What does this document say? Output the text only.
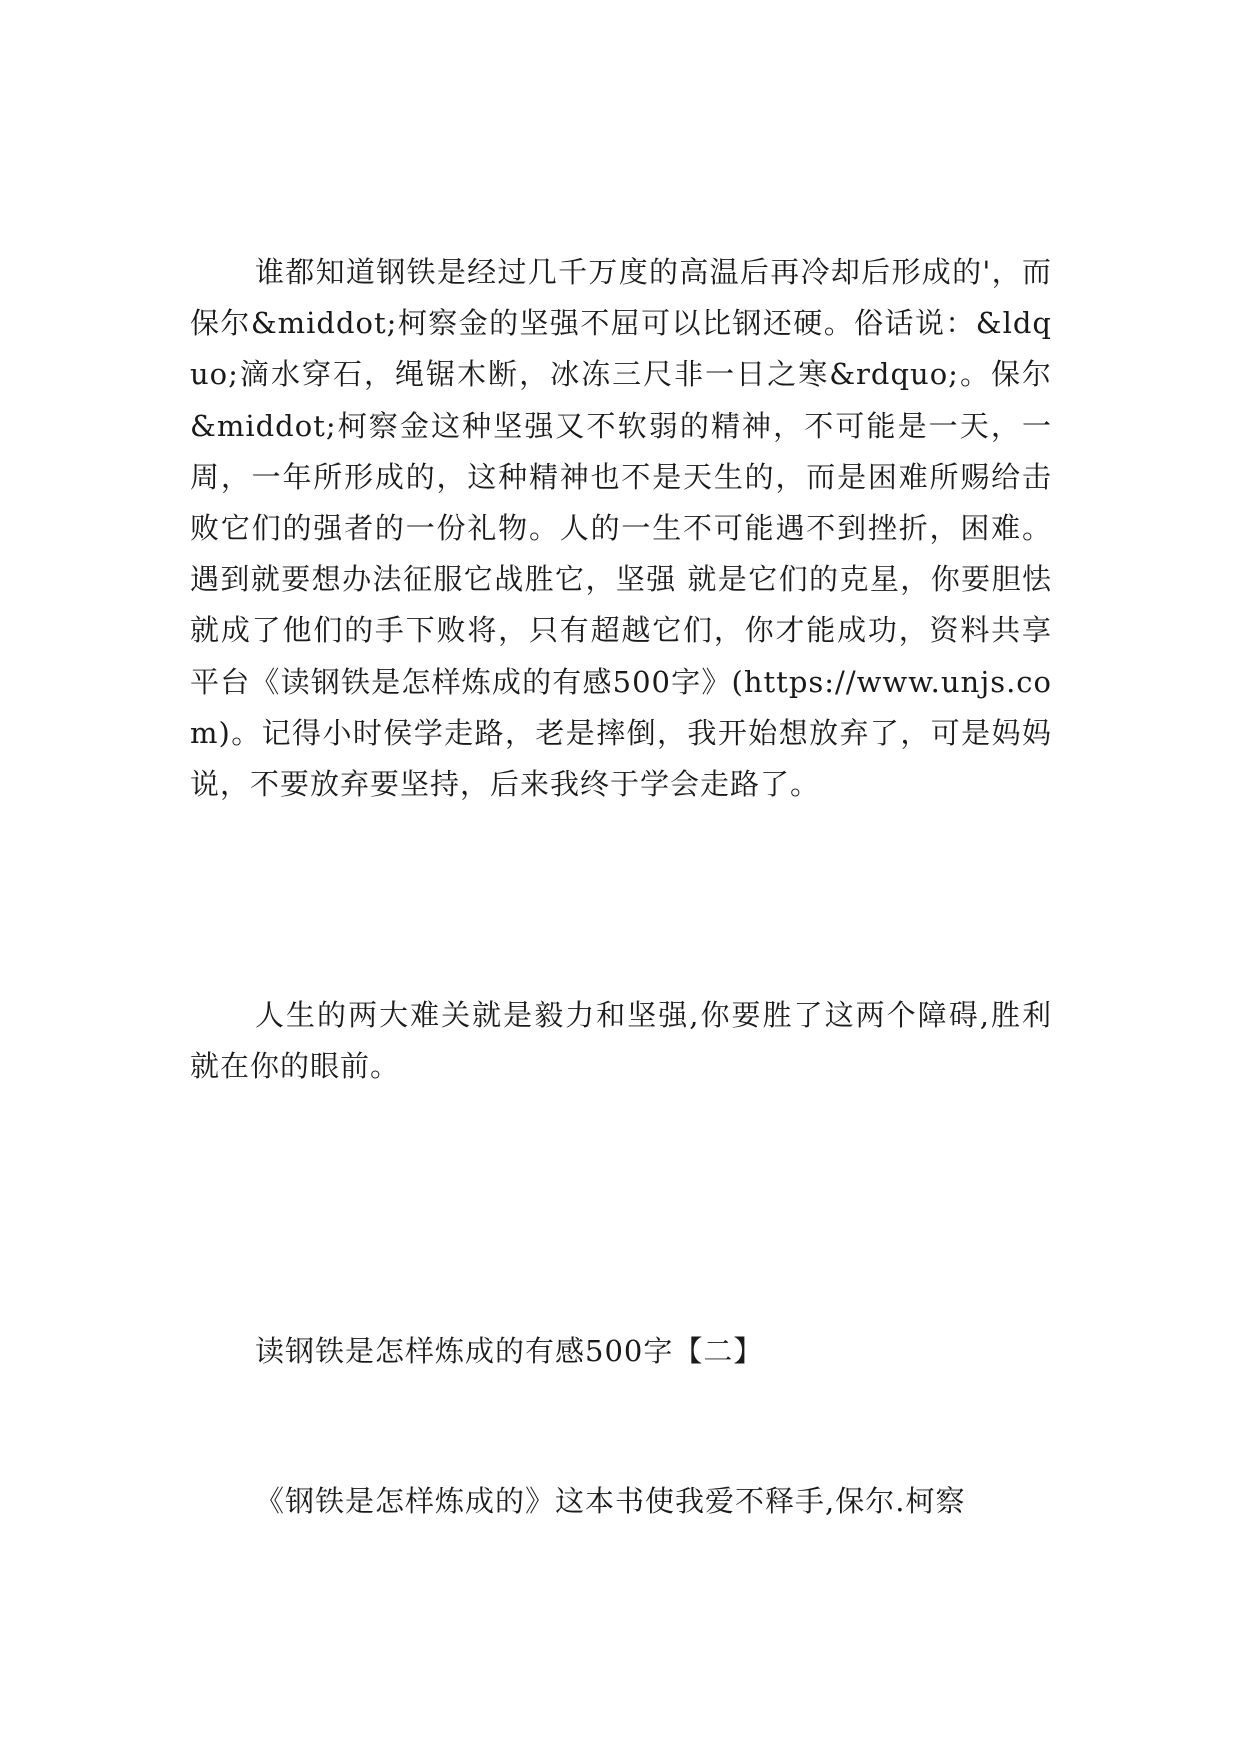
谁都知道钢铁是经过几千万度的高温后再冷却后形成的'，而保尔&middot;柯察金的坚强不屈可以比钢还硬。俗话说：&ldquo;滴水穿石，绳锯木断，冰冻三尺非一日之寒&rdquo;。保尔&middot;柯察金这种坚强又不软弱的精神，不可能是一天，一周，一年所形成的，这种精神也不是天生的，而是困难所赐给击败它们的强者的一份礼物。人的一生不可能遇不到挫折，困难。遇到就要想办法征服它战胜它，坚强 就是它们的克星，你要胆怯就成了他们的手下败将，只有超越它们，你才能成功，资料共享平台《读钢铁是怎样炼成的有感500字》(https://www.unjs.com)。记得小时侯学走路，老是摔倒，我开始想放弃了，可是妈妈说，不要放弃要坚持，后来我终于学会走路了。

人生的两大难关就是毅力和坚强,你要胜了这两个障碍,胜利就在你的眼前。

读钢铁是怎样炼成的有感500字【二】

《钢铁是怎样炼成的》这本书使我爱不释手,保尔.柯察
